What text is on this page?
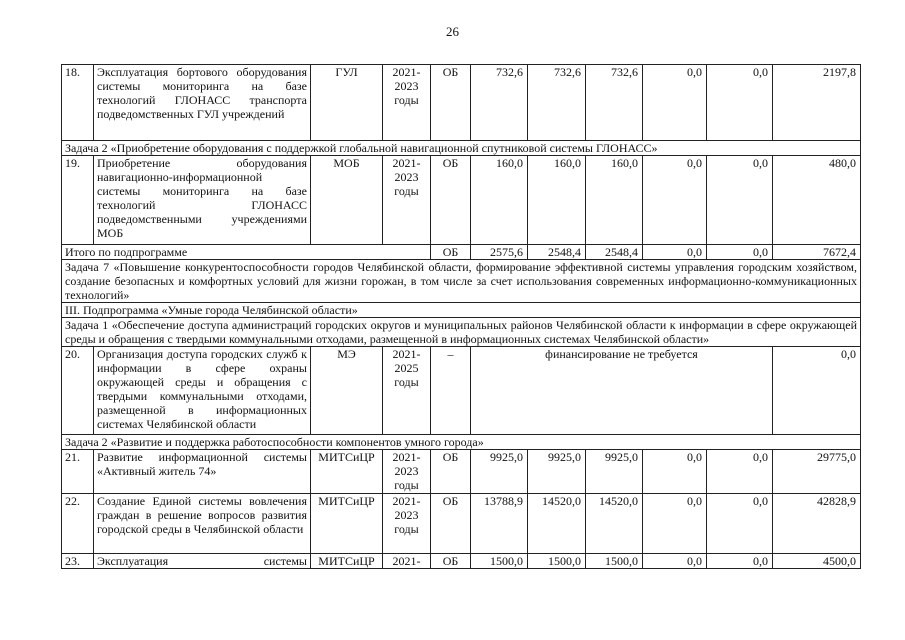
26
18.	Эксплуатация бортового оборудования системы мониторинга на базе технологий ГЛОНАСС транспорта подведомственных ГУЛ учреждений	ГУЛ	2021-2023 годы	ОБ	732,6	732,6	732,6	0,0	0,0	2197,8
Задача 2 «Приобретение оборудования с поддержкой глобальной навигационной спутниковой системы ГЛОНАСС»										
19.	Приобретение оборудования навигационно-информационной системы мониторинга на базе технологий ГЛОНАСС подведомственными учреждениями МОБ	МОБ	2021-2023 годы	ОБ	160,0	160,0	160,0	0,0	0,0	480,0
Итого по подпрограмме				ОБ	2575,6	2548,4	2548,4	0,0	0,0	7672,4

Задача 7 «Повышение конкурентоспособности городов Челябинской области, формирование эффективной системы управления городским хозяйством, создание безопасных и комфортных условий для жизни горожан, в том числе за счет использования современных информационно-коммуникационных технологий»										

III. Подпрограмма «Умные города Челябинской области»										

Задача 1 «Обеспечение доступа администраций городских округов и муниципальных районов Челябинской области к информации в сфере окружающей среды и обращения с твердыми коммунальными отходами, размещенной в информационных системах Челябинской области»										

20.	Организация доступа городских служб к информации в сфере охраны окружающей среды и обращения с твердыми коммунальными отходами, размещенной в информационных системах Челябинской области	МЭ	2021-2025 годы	–	финансирование не требуется					0,0
Задача 2 «Развитие и поддержка работоспособности компонентов умного города»										
21.	Развитие информационной системы «Активный житель 74»	МИТСиЦР	2021-2023 годы	ОБ	9925,0	9925,0	9925,0	0,0	0,0	29775,0
22.	Создание Единой системы вовлечения граждан в решение вопросов развития городской среды в Челябинской области	МИТСиЦР	2021-2023 годы	ОБ	13788,9	14520,0	14520,0	0,0	0,0	42828,9
23.	Эксплуатация системы	МИТСиЦР	2021-	ОБ	1500,0	1500,0	1500,0	0,0	0,0	4500,0
